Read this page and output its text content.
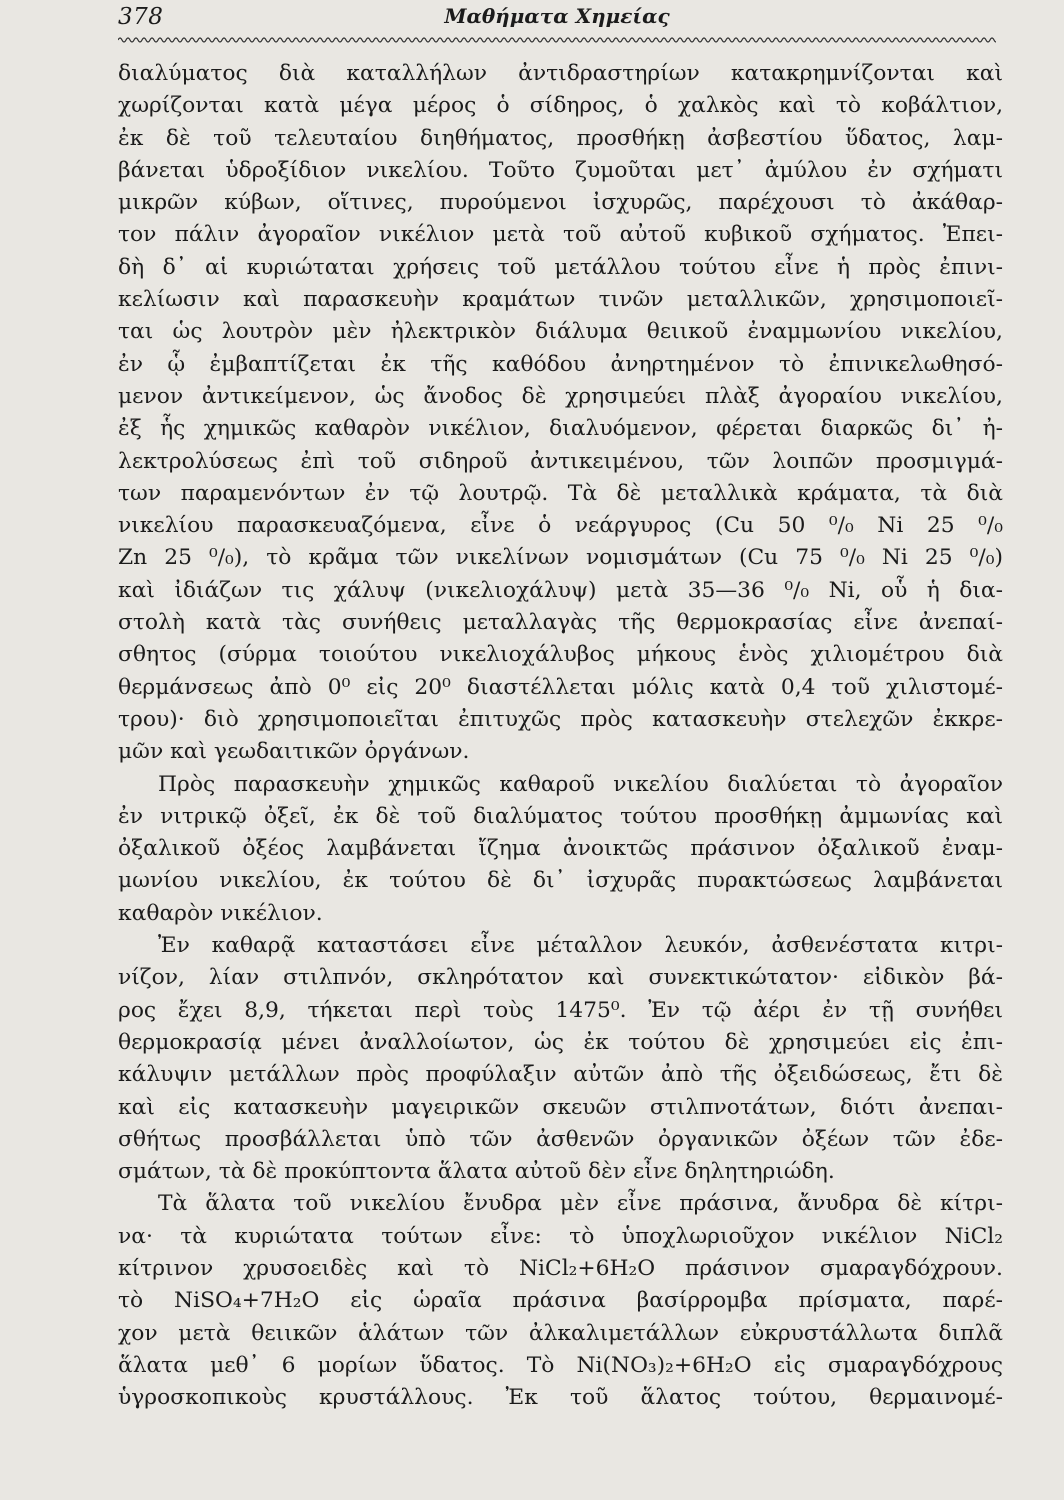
378	Μαθήματα Χημείας
διαλύματος διὰ καταλλήλων ἀντιδραστηρίων κατακρημνίζονται καὶ
χωρίζονται κατὰ μέγα μέρος ὁ σίδηρος, ὁ χαλκὸς καὶ τὸ κοβάλτιον,
ἐκ δὲ τοῦ τελευταίου διηθήματος, προσθήκῃ ἀσβεστίου ὕδατος, λαμ-
βάνεται ὑδροξίδιον νικελίου. Τοῦτο ζυμοῦται μετ᾽ ἀμύλου ἐν σχήματι
μικρῶν κύβων, οἵτινες, πυρούμενοι ἰσχυρῶς, παρέχουσι τὸ ἀκάθαρ-
τον πάλιν ἀγοραῖον νικέλιον μετὰ τοῦ αὐτοῦ κυβικοῦ σχήματος. Ἐπει-
δὴ δ᾽ αἱ κυριώταται χρήσεις τοῦ μετάλλου τούτου εἶνε ἡ πρὸς ἐπινι-
κελίωσιν καὶ παρασκευὴν κραμάτων τινῶν μεταλλικῶν, χρησιμοποιεῖ-
ται ὡς λουτρὸν μὲν ἠλεκτρικὸν διάλυμα θειικοῦ ἐναμμωνίου νικελίου,
ἐν ᾧ ἐμβαπτίζεται ἐκ τῆς καθόδου ἀνηρτημένον τὸ ἐπινικελωθησό-
μενον ἀντικείμενον, ὡς ἄνοδος δὲ χρησιμεύει πλὰξ ἀγοραίου νικελίου,
ἐξ ἧς χημικῶς καθαρὸν νικέλιον, διαλυόμενον, φέρεται διαρκῶς δι᾽ ἠ-
λεκτρολύσεως ἐπὶ τοῦ σιδηροῦ ἀντικειμένου, τῶν λοιπῶν προσμιγμά-
των παραμενόντων ἐν τῷ λουτρῷ. Τὰ δὲ μεταλλικὰ κράματα, τὰ διὰ
νικελίου παρασκευαζόμενα, εἶνε ὁ νεάργυρος (Cu 50 ⁰/₀ Ni 25 ⁰/₀
Zn 25 ⁰/₀), τὸ κρᾶμα τῶν νικελίνων νομισμάτων (Cu 75 ⁰/₀ Ni 25 ⁰/₀)
καὶ ἰδιάζων τις χάλυψ (νικελιοχάλυψ) μετὰ 35—36 ⁰/₀ Ni, οὗ ἡ δια-
στολὴ κατὰ τὰς συνήθεις μεταλλαγὰς τῆς θερμοκρασίας εἶνε ἀνεπαί-
σθητος (σύρμα τοιούτου νικελιοχάλυβος μήκους ἑνὸς χιλιομέτρου διὰ
θερμάνσεως ἀπὸ 0⁰ εἰς 20⁰ διαστέλλεται μόλις κατὰ 0,4 τοῦ χιλιστομέ-
τρου)· διὸ χρησιμοποιεῖται ἐπιτυχῶς πρὸς κατασκευὴν στελεχῶν ἐκκρε-
μῶν καὶ γεωδαιτικῶν ὀργάνων.
Πρὸς παρασκευὴν χημικῶς καθαροῦ νικελίου διαλύεται τὸ ἀγοραῖον
ἐν νιτρικῷ ὀξεῖ, ἐκ δὲ τοῦ διαλύματος τούτου προσθήκῃ ἀμμωνίας καὶ
ὀξαλικοῦ ὀξέος λαμβάνεται ἴζημα ἀνοικτῶς πράσινον ὀξαλικοῦ ἐναμ-
μωνίου νικελίου, ἐκ τούτου δὲ δι᾽ ἰσχυρᾶς πυρακτώσεως λαμβάνεται
καθαρὸν νικέλιον.
Ἐν καθαρᾷ καταστάσει εἶνε μέταλλον λευκόν, ἀσθενέστατα κιτρι-
νίζον, λίαν στιλπνόν, σκληρότατον καὶ συνεκτικώτατον· εἰδικὸν βά-
ρος ἔχει 8,9, τήκεται περὶ τοὺς 1475⁰. Ἐν τῷ ἀέρι ἐν τῇ συνήθει
θερμοκρασίᾳ μένει ἀναλλοίωτον, ὡς ἐκ τούτου δὲ χρησιμεύει εἰς ἐπι-
κάλυψιν μετάλλων πρὸς προφύλαξιν αὐτῶν ἀπὸ τῆς ὀξειδώσεως, ἔτι δὲ
καὶ εἰς κατασκευὴν μαγειρικῶν σκευῶν στιλπνοτάτων, διότι ἀνεπαι-
σθήτως προσβάλλεται ὑπὸ τῶν ἀσθενῶν ὀργανικῶν ὀξέων τῶν ἐδε-
σμάτων, τὰ δὲ προκύπτοντα ἅλατα αὐτοῦ δὲν εἶνε δηλητηριώδη.
Τὰ ἅλατα τοῦ νικελίου ἔνυδρα μὲν εἶνε πράσινα, ἄνυδρα δὲ κίτρι-
να· τὰ κυριώτατα τούτων εἶνε: τὸ ὑποχλωριοῦχον νικέλιον NiCl₂
κίτρινον χρυσοειδὲς καὶ τὸ NiCl₂+6H₂O πράσινον σμαραγδόχρουν.
τὸ NiSO₄+7H₂O εἰς ὡραῖα πράσινα βασίρρομβα πρίσματα, παρέ-
χον μετὰ θειικῶν ἁλάτων τῶν ἀλκαλιμετάλλων εὐκρυστάλλωτα διπλᾶ
ἅλατα μεθ᾽ 6 μορίων ὕδατος. Τὸ Ni(NO₃)₂+6H₂O εἰς σμαραγδόχρους
ὑγροσκοπικοὺς κρυστάλλους. Ἐκ τοῦ ἅλατος τούτου, θερμαινομέ-
